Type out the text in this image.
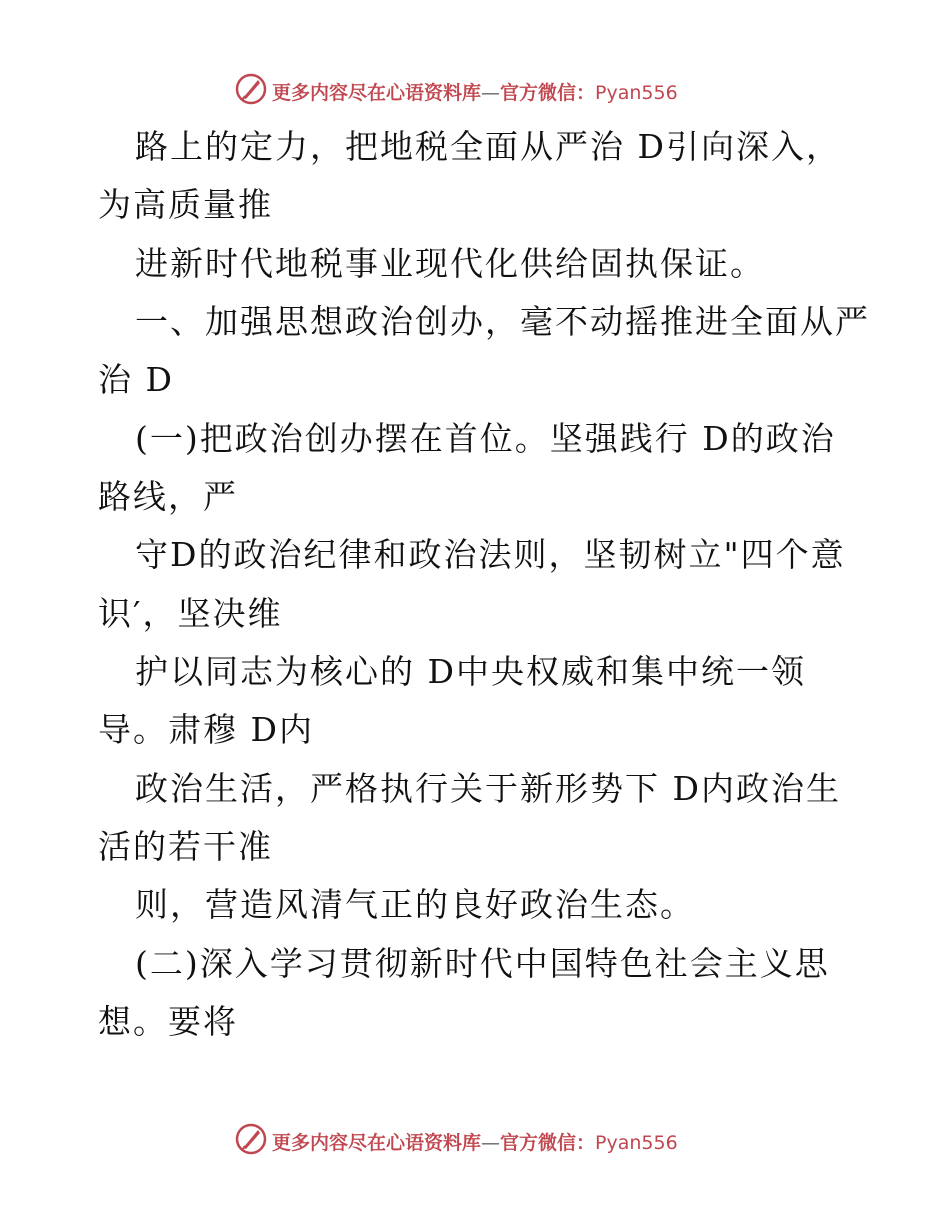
更多内容尽在心语资料库—官方微信：Pyan556
路上的定力，把地税全面从严治 D引向深入，
为高质量推
进新时代地税事业现代化供给固执保证。
一、加强思想政治创办，毫不动摇推进全面从严
治 D
(一)把政治创办摆在首位。坚强践行 D的政治
路线，严
守D的政治纪律和政治法则，坚韧树立"四个意
识′，坚决维
护以同志为核心的 D中央权威和集中统一领
导。肃穆 D内
政治生活，严格执行关于新形势下 D内政治生
活的若干准
则，营造风清气正的良好政治生态。
(二)深入学习贯彻新时代中国特色社会主义思
想。要将
更多内容尽在心语资料库—官方微信：Pyan556
